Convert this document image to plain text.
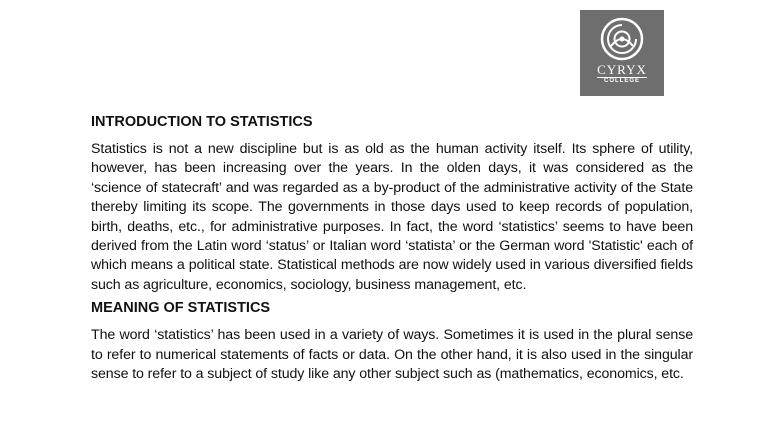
CYRYX
COLLEGE
INTRODUCTION TO STATISTICS

Statistics is not a new discipline but is as old as the human activity itself. Its sphere of utility, however, has been increasing over the years. In the olden days, it was considered as the ‘science of statecraft’ and was regarded as a by-product of the administrative activity of the State thereby limiting its scope. The governments in those days used to keep records of population, birth, deaths, etc., for administrative purposes. In fact, the word ‘statistics’ seems to have been derived from the Latin word ‘status’ or Italian word ‘statista’ or the German word 'Statistic' each of which means a political state. Statistical methods are now widely used in various diversified fields such as agriculture, economics, sociology, business management, etc.

MEANING OF STATISTICS

The word ‘statistics’ has been used in a variety of ways. Sometimes it is used in the plural sense to refer to numerical statements of facts or data. On the other hand, it is also used in the singular sense to refer to a subject of study like any other subject such as (mathematics, economics, etc.
